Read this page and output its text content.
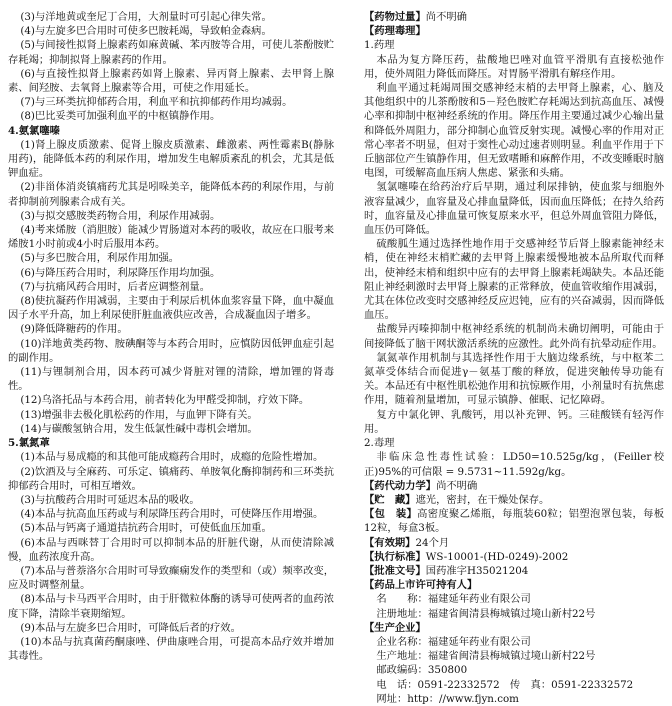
(3)与洋地黄或奎尼丁合用，大剂量时可引起心律失常。

(4)与左旋多巴合用时可使多巴胺耗竭，导致帕金森病。

(5)与间接性拟肾上腺素药如麻黄碱、苯丙胺等合用，可使儿茶酚胺贮存耗竭；抑制拟肾上腺素药的作用。

(6)与直接性拟肾上腺素药如肾上腺素、异丙肾上腺素、去甲肾上腺素、间羟胺、去氧肾上腺素等合用，可使之作用延长。

(7)与三环类抗抑郁药合用，利血平和抗抑郁药作用均减弱。

(8)巴比妥类可加强利血平的中枢镇静作用。

4.氨氯噻嗪

(1)肾上腺皮质激素、促肾上腺皮质激素、雌激素、两性霉素B(静脉用药)，能降低本药的利尿作用，增加发生电解质紊乱的机会，尤其是低钾血症。

(2)非甾体消炎镇痛药尤其是吲哚美辛，能降低本药的利尿作用，与前者抑制前列腺素合成有关。

(3)与拟交感胺类药物合用，利尿作用减弱。

(4)考来烯胺（消胆胺）能减少胃肠道对本药的吸收，故应在口服考来烯胺1小时前或4小时后服用本药。

(5)与多巴胺合用，利尿作用加强。

(6)与降压药合用时，利尿降压作用均加强。

(7)与抗痛风药合用时，后者应调整剂量。

(8)使抗凝药作用减弱，主要由于利尿后机体血浆容量下降，血中凝血因子水平升高，加上利尿使肝脏血液供应改善，合成凝血因子增多。

(9)降低降糖药的作用。

(10)洋地黄类药物、胺碘酮等与本药合用时，应慎防因低钾血症引起的副作用。

(11)与锂制剂合用，因本药可减少肾脏对锂的清除，增加锂的肾毒性。

(12)乌洛托品与本药合用，前者转化为甲醛受抑制，疗效下降。

(13)增强非去极化肌松药的作用，与血钾下降有关。

(14)与碳酸氢钠合用，发生低氯性碱中毒机会增加。

5.氯氮䓬

(1)本品与易成瘾的和其他可能成瘾药合用时，成瘾的危险性增加。

(2)饮酒及与全麻药、可乐定、镇痛药、单胺氧化酶抑制药和三环类抗抑郁药合用时，可相互增效。

(3)与抗酸药合用时可延迟本品的吸收。

(4)本品与抗高血压药或与利尿降压药合用时，可使降压作用增强。

(5)本品与钙离子通道拮抗药合用时，可使低血压加重。

(6)本品与西咪替丁合用时可以抑制本品的肝脏代谢，从而使清除减慢，血药浓度升高。

(7)本品与普萘洛尔合用时可导致癫痫发作的类型和（或）频率改变，应及时调整剂量。

(8)本品与卡马西平合用时，由于肝微粒体酶的诱导可使两者的血药浓度下降，清除半衰期缩短。

(9)本品与左旋多巴合用时，可降低后者的疗效。

(10)本品与抗真菌药酮康唑、伊曲康唑合用，可提高本品疗效并增加其毒性。

【药物过量】尚不明确

【药理毒理】

1.药理

本品为复方降压药，盐酸地巴唑对血管平滑肌有直接松弛作用，使外周阻力降低而降压。对胃肠平滑肌有解痉作用。

利血平通过耗竭周围交感神经末梢的去甲肾上腺素，心、脑及其他组织中的儿茶酚胺和5－羟色胺贮存耗竭达到抗高血压、减慢心率和抑制中枢神经系统的作用。降压作用主要通过减少心输出量和降低外周阻力，部分抑制心血管反射实现。减慢心率的作用对正常心率者不明显，但对于窦性心动过速者则明显。利血平作用于下丘脑部位产生镇静作用，但无致嗜睡和麻醉作用，不改变睡眠时脑电图，可缓解高血压病人焦虑、紧张和头痛。

氢氯噻嗪在给药治疗后早期，通过利尿排钠，使血浆与细胞外液容量减少，血容量及心排血量降低，因而血压降低；在持久给药时，血容量及心排血量可恢复原来水平，但总外周血管阻力降低，血压仍可降低。

硫酸胍生通过选择性地作用于交感神经节后肾上腺素能神经末梢，使在神经末梢贮藏的去甲肾上腺素缓慢地被本品所取代而释出，使神经末梢和组织中应有的去甲肾上腺素耗竭缺失。本品还能阻止神经刺激时去甲肾上腺素的正常释放，使血管收缩作用减弱，尤其在体位改变时交感神经反应迟钝，应有的兴奋减弱，因而降低血压。

盐酸异丙嗪抑制中枢神经系统的机制尚未确切阐明，可能由于间接降低了脑干网状激活系统的应激性。此外尚有抗晕动症作用。

氯氮䓬作用机制与其选择性作用于大脑边缘系统，与中枢苯二氮䓬受体结合而促进γ－氨基丁酸的释放，促进突触传导功能有关。本品还有中枢性肌松弛作用和抗惊厥作用，小剂量时有抗焦虑作用，随着剂量增加，可显示镇静、催眠、记忆障碍。

复方中氯化钾、乳酸钙，用以补充钾、钙。三硅酸镁有轻泻作用。

2.毒理

非临床急性毒性试验：LD50=10.525g/kg，(Feiller校正)95%的可信限 = 9.5731~11.592g/kg。

【药代动力学】尚不明确

【贮　藏】遮光，密封，在干燥处保存。

【包　装】高密度聚乙烯瓶，每瓶装60粒；铝塑泡罩包装，每板12粒，每盒3板。

【有效期】24个月

【执行标准】WS-10001-(HD-0249)-2002

【批准文号】国药准字H35021204

【药品上市许可持有人】

名　　称：福建延年药业有限公司

注册地址：福建省闽清县梅城镇过境山新村22号

【生产企业】

企业名称：福建延年药业有限公司

生产地址：福建省闽清县梅城镇过境山新村22号

邮政编码：350800

电　话：0591-22332572　传　真：0591-22332572

网址：http：//www.fjyn.com
